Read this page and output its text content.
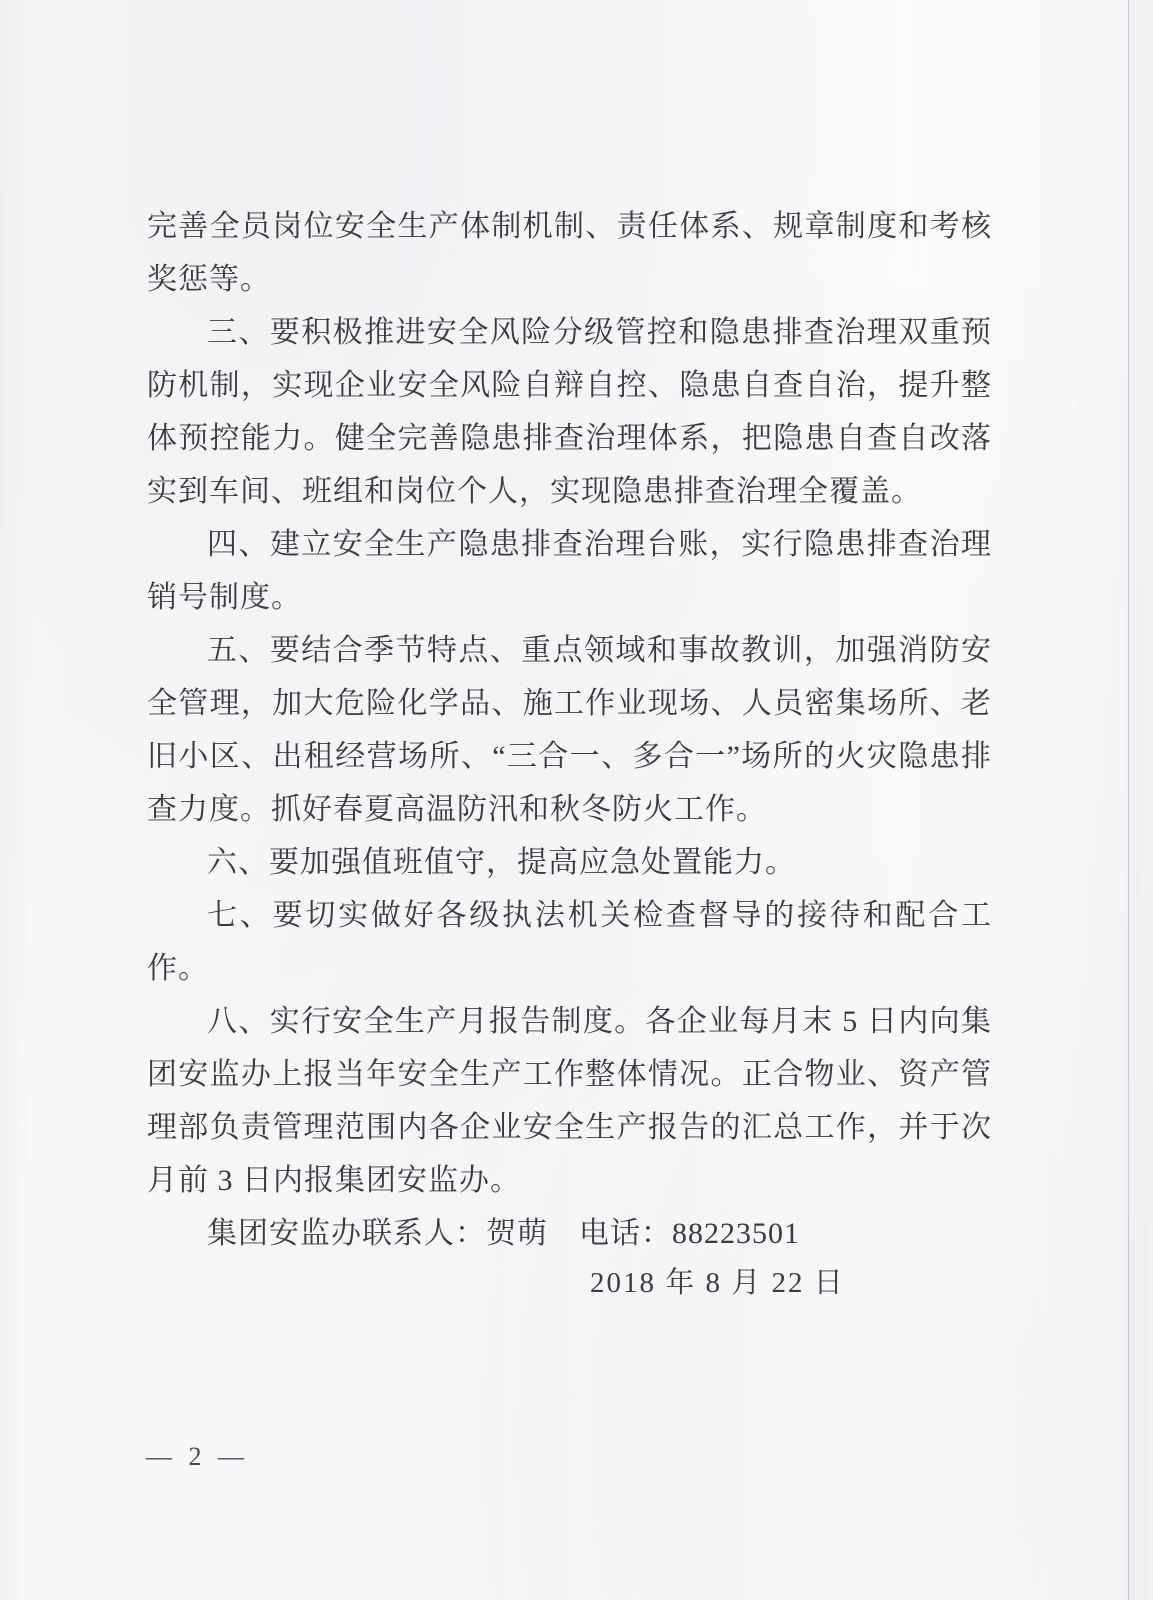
完善全员岗位安全生产体制机制、责任体系、规章制度和考核奖惩等。

三、要积极推进安全风险分级管控和隐患排查治理双重预防机制，实现企业安全风险自辩自控、隐患自查自治，提升整体预控能力。健全完善隐患排查治理体系，把隐患自查自改落实到车间、班组和岗位个人，实现隐患排查治理全覆盖。

四、建立安全生产隐患排查治理台账，实行隐患排查治理销号制度。

五、要结合季节特点、重点领域和事故教训，加强消防安全管理，加大危险化学品、施工作业现场、人员密集场所、老旧小区、出租经营场所、“三合一、多合一”场所的火灾隐患排查力度。抓好春夏高温防汛和秋冬防火工作。

六、要加强值班值守，提高应急处置能力。

七、要切实做好各级执法机关检查督导的接待和配合工作。

八、实行安全生产月报告制度。各企业每月末 5 日内向集团安监办上报当年安全生产工作整体情况。正合物业、资产管理部负责管理范围内各企业安全生产报告的汇总工作，并于次月前 3 日内报集团安监办。

集团安监办联系人：贺萌　电话：88223501

2018 年 8 月 22 日
— 2 —
